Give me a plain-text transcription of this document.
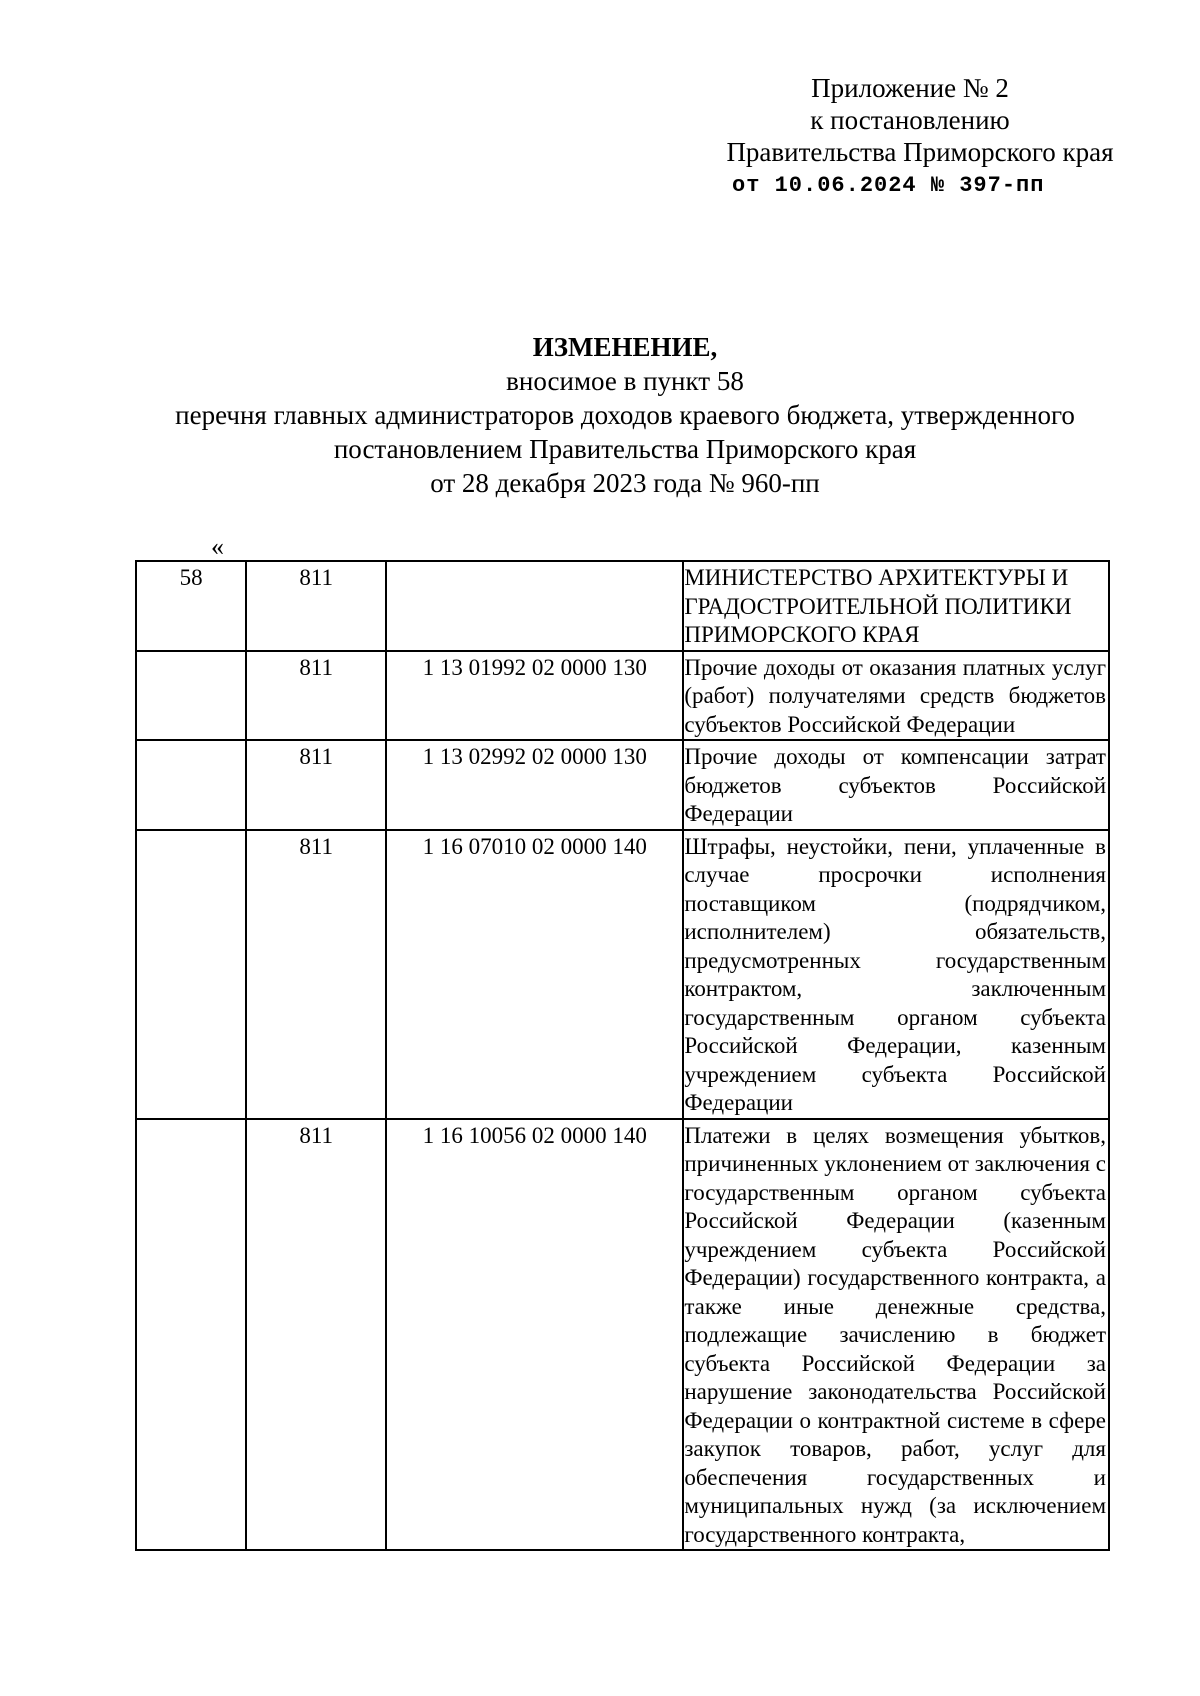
Приложение № 2
к постановлению
Правительства Приморского края
от 10.06.2024 № 397-пп
ИЗМЕНЕНИЕ,
вносимое в пункт 58
перечня главных администраторов доходов краевого бюджета, утвержденного
постановлением Правительства Приморского края
от 28 декабря 2023 года № 960-пп
«
58	811		МИНИСТЕРСТВО АРХИТЕКТУРЫ И ГРАДОСТРОИТЕЛЬНОЙ ПОЛИТИКИ ПРИМОРСКОГО КРАЯ

	811	1 13 01992 02 0000 130	Прочие доходы от оказания платных услуг (работ) получателями средств бюджетов субъектов Российской Федерации

	811	1 13 02992 02 0000 130	Прочие доходы от компенсации затрат бюджетов субъектов Российской Федерации

	811	1 16 07010 02 0000 140	Штрафы, неустойки, пени, уплаченные в случае просрочки исполнения поставщиком (подрядчиком, исполнителем) обязательств, предусмотренных государственным контрактом, заключенным государственным органом субъекта Российской Федерации, казенным учреждением субъекта Российской Федерации

	811	1 16 10056 02 0000 140	Платежи в целях возмещения убытков, причиненных уклонением от заключения с государственным органом субъекта Российской Федерации (казенным учреждением субъекта Российской Федерации) государственного контракта, а также иные денежные средства, подлежащие зачислению в бюджет субъекта Российской Федерации за нарушение законодательства Российской Федерации о контрактной системе в сфере закупок товаров, работ, услуг для обеспечения государственных и муниципальных нужд (за исключением государственного контракта,
